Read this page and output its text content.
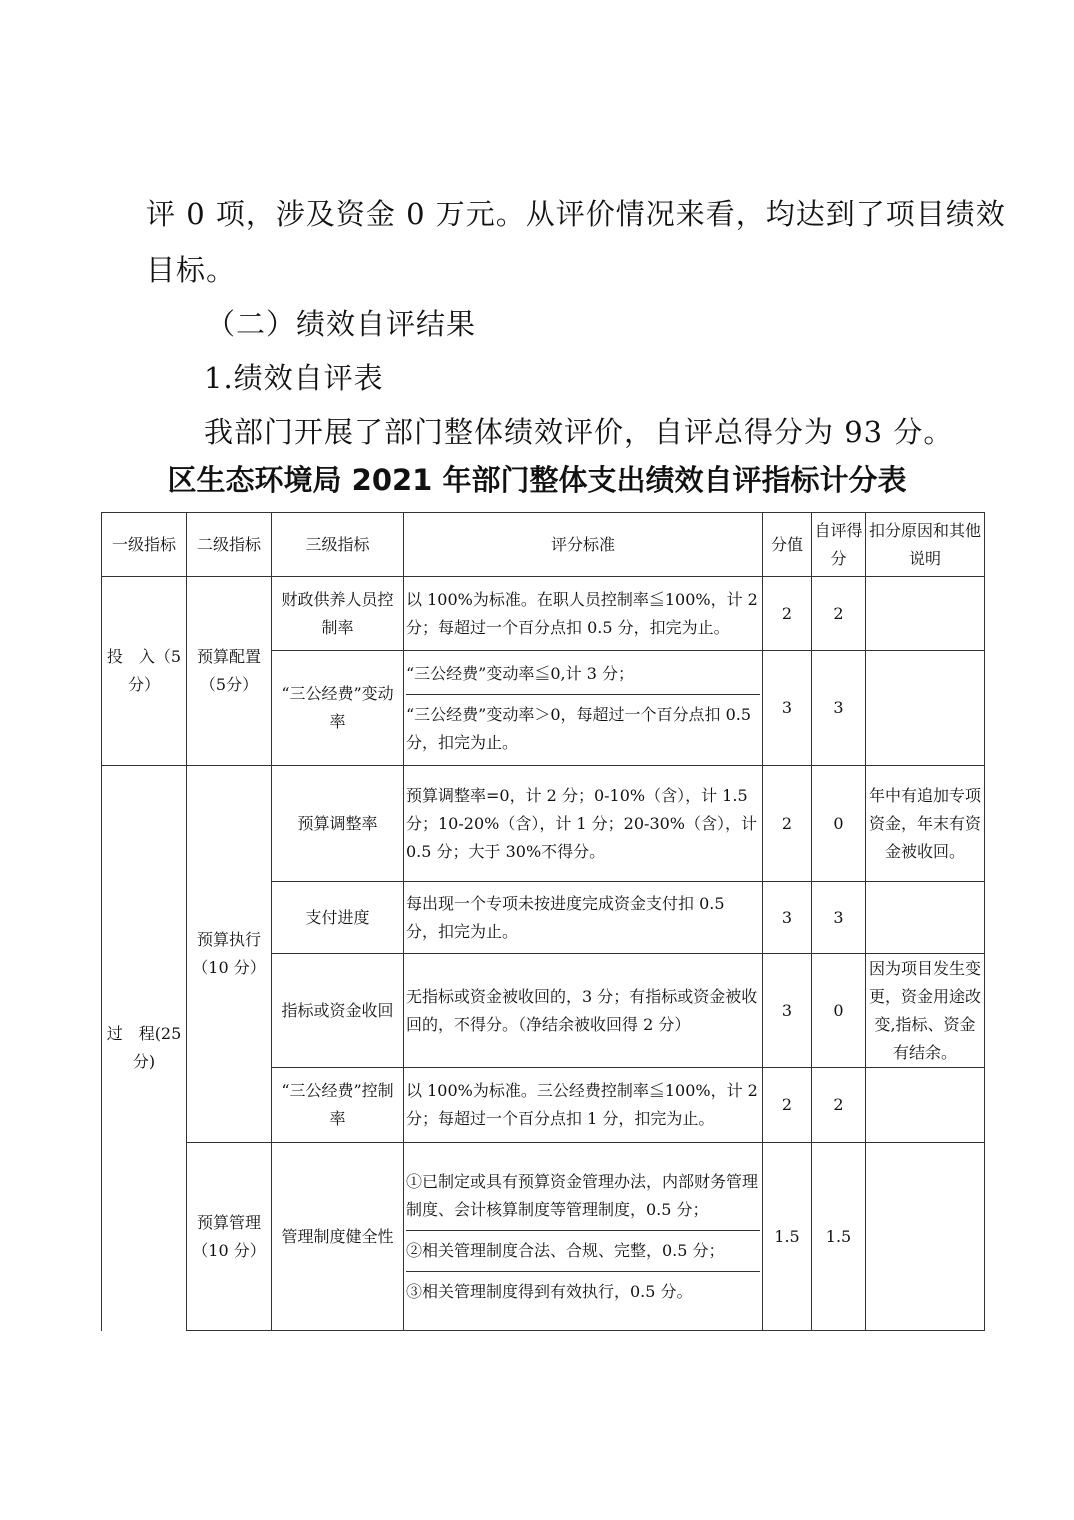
评 0 项，涉及资金 0 万元。从评价情况来看，均达到了项目绩效
目标。
（二）绩效自评结果
1.绩效自评表
我部门开展了部门整体绩效评价，自评总得分为 93 分。
区生态环境局 2021 年部门整体支出绩效自评指标计分表
一级指标	二级指标	三级指标	评分标准	分值	自评得分	扣分原因和其他说明
投　入（5分）	预算配置（5分）	财政供养人员控制率	以 100%为标准。在职人员控制率≦100%，计 2 分；每超过一个百分点扣 0.5 分，扣完为止。	2	2	
		“三公经费”变动率	“三公经费”变动率≦0,计 3 分；
“三公经费”变动率＞0，每超过一个百分点扣 0.5 分，扣完为止。	3	3	
过　程(25分)	预算执行（10 分）	预算调整率	预算调整率=0，计 2 分；0-10%（含），计 1.5 分；10-20%（含），计 1 分；20-30%（含），计 0.5 分；大于 30%不得分。	2	0	年中有追加专项资金，年末有资金被收回。
		支付进度	每出现一个专项未按进度完成资金支付扣 0.5 分，扣完为止。	3	3	
		指标或资金收回	无指标或资金被收回的，3 分；有指标或资金被收回的，不得分。（净结余被收回得 2 分）	3	0	因为项目发生变更，资金用途改变,指标、资金有结余。
		“三公经费”控制率	以 100%为标准。三公经费控制率≦100%，计 2 分；每超过一个百分点扣 1 分，扣完为止。	2	2	
	预算管理（10 分）	管理制度健全性	①已制定或具有预算资金管理办法，内部财务管理制度、会计核算制度等管理制度，0.5 分；
②相关管理制度合法、合规、完整，0.5 分；
③相关管理制度得到有效执行，0.5 分。	1.5	1.5	
